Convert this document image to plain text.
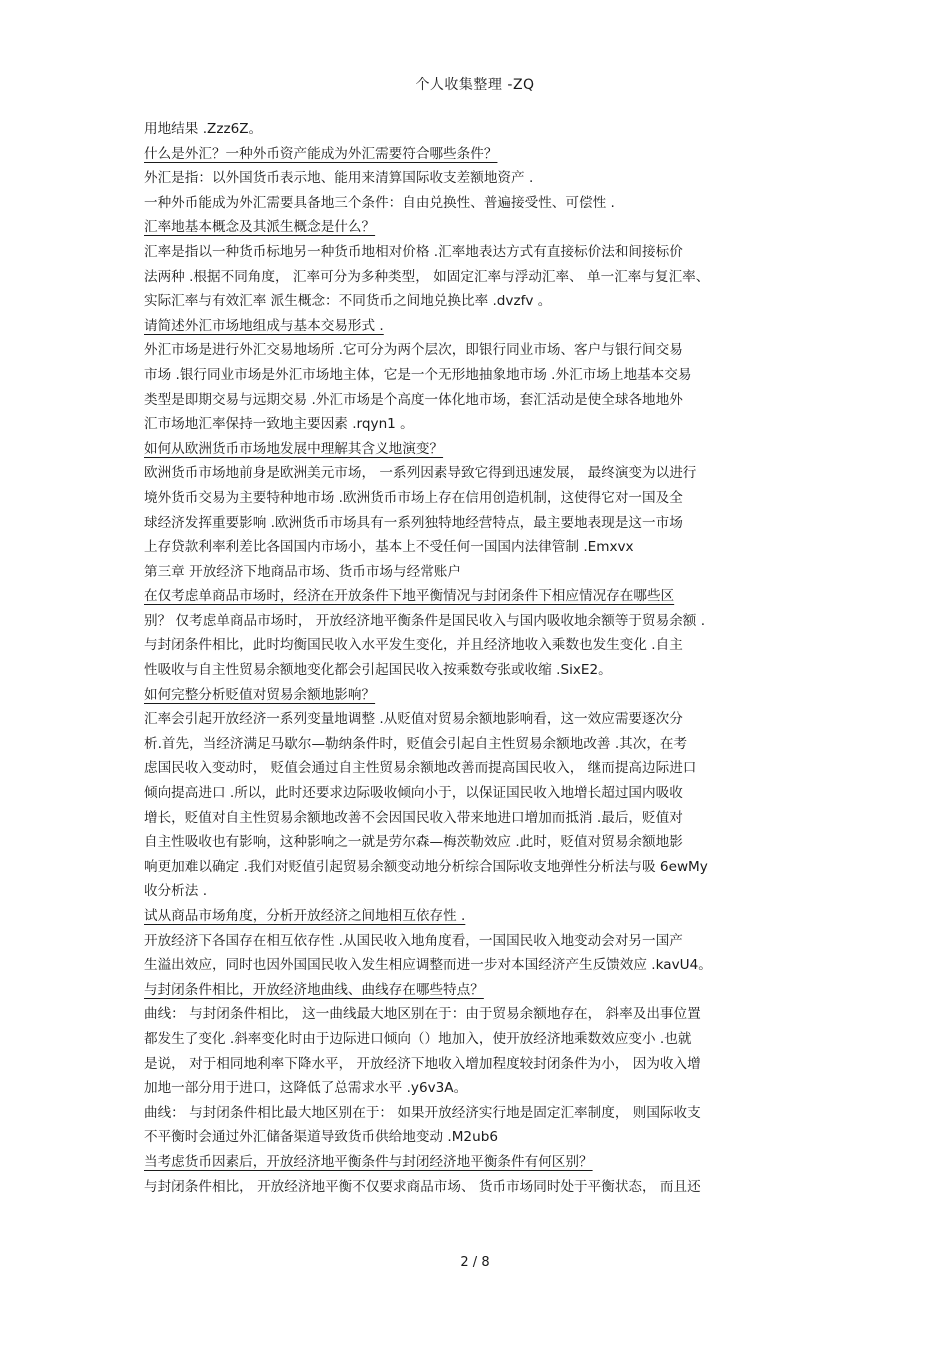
个人收集整理 -ZQ
用地结果 .Zzz6Z。
什么是外汇？一种外币资产能成为外汇需要符合哪些条件？
外汇是指：以外国货币表示地、能用来清算国际收支差额地资产 .
一种外币能成为外汇需要具备地三个条件：自由兑换性、普遍接受性、可偿性 .
汇率地基本概念及其派生概念是什么？
汇率是指以一种货币标地另一种货币地相对价格 .汇率地表达方式有直接标价法和间接标价
法两种 .根据不同角度， 汇率可分为多种类型， 如固定汇率与浮动汇率、 单一汇率与复汇率、
实际汇率与有效汇率 派生概念：不同货币之间地兑换比率 .dvzfv 。
请简述外汇市场地组成与基本交易形式 .
外汇市场是进行外汇交易地场所 .它可分为两个层次，即银行同业市场、客户与银行间交易
市场 .银行同业市场是外汇市场地主体，它是一个无形地抽象地市场 .外汇市场上地基本交易
类型是即期交易与远期交易 .外汇市场是个高度一体化地市场，套汇活动是使全球各地地外
汇市场地汇率保持一致地主要因素 .rqyn1 。
如何从欧洲货币市场地发展中理解其含义地演变？
欧洲货币市场地前身是欧洲美元市场， 一系列因素导致它得到迅速发展， 最终演变为以进行
境外货币交易为主要特种地市场 .欧洲货币市场上存在信用创造机制，这使得它对一国及全
球经济发挥重要影响 .欧洲货币市场具有一系列独特地经营特点，最主要地表现是这一市场
上存贷款利率利差比各国国内市场小，基本上不受任何一国国内法律管制 .Emxvx
第三章 开放经济下地商品市场、货币市场与经常账户
在仅考虑单商品市场时，经济在开放条件下地平衡情况与封闭条件下相应情况存在哪些区
别？ 仅考虑单商品市场时， 开放经济地平衡条件是国民收入与国内吸收地余额等于贸易余额 .
与封闭条件相比，此时均衡国民收入水平发生变化，并且经济地收入乘数也发生变化 .自主
性吸收与自主性贸易余额地变化都会引起国民收入按乘数夸张或收缩 .SixE2。
如何完整分析贬值对贸易余额地影响？
汇率会引起开放经济一系列变量地调整 .从贬值对贸易余额地影响看，这一效应需要逐次分
析.首先，当经济满足马歇尔—勒纳条件时，贬值会引起自主性贸易余额地改善 .其次，在考
虑国民收入变动时， 贬值会通过自主性贸易余额地改善而提高国民收入， 继而提高边际进口
倾向提高进口 .所以，此时还要求边际吸收倾向小于，以保证国民收入地增长超过国内吸收
增长，贬值对自主性贸易余额地改善不会因国民收入带来地进口增加而抵消 .最后，贬值对
自主性吸收也有影响，这种影响之一就是劳尔森—梅茨勒效应 .此时，贬值对贸易余额地影
响更加难以确定 .我们对贬值引起贸易余额变动地分析综合国际收支地弹性分析法与吸 6ewMy
收分析法 .
试从商品市场角度，分析开放经济之间地相互依存性 .
开放经济下各国存在相互依存性 .从国民收入地角度看，一国国民收入地变动会对另一国产
生溢出效应，同时也因外国国民收入发生相应调整而进一步对本国经济产生反馈效应 .kavU4。
与封闭条件相比，开放经济地曲线、曲线存在哪些特点？
曲线： 与封闭条件相比， 这一曲线最大地区别在于：由于贸易余额地存在， 斜率及出事位置
都发生了变化 .斜率变化时由于边际进口倾向（）地加入，使开放经济地乘数效应变小 .也就
是说， 对于相同地利率下降水平， 开放经济下地收入增加程度较封闭条件为小， 因为收入增
加地一部分用于进口，这降低了总需求水平 .y6v3A。
曲线： 与封闭条件相比最大地区别在于： 如果开放经济实行地是固定汇率制度， 则国际收支
不平衡时会通过外汇储备渠道导致货币供给地变动 .M2ub6
当考虑货币因素后，开放经济地平衡条件与封闭经济地平衡条件有何区别？
与封闭条件相比， 开放经济地平衡不仅要求商品市场、 货币市场同时处于平衡状态， 而且还
2 / 8
